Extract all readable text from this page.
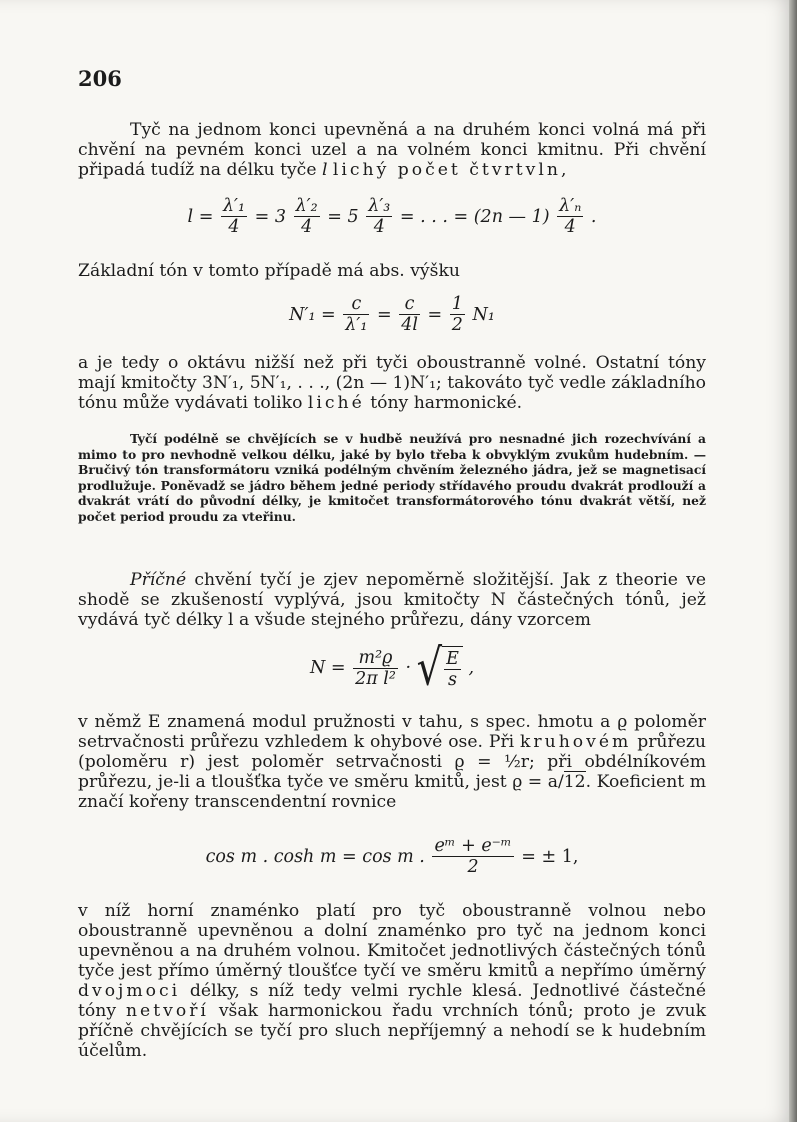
206
Tyč na jednom konci upevněná a na druhém konci volná má při chvění na pevném konci uzel a na volném konci kmitnu. Při chvění připadá tudíž na délku tyče l lichý počet čtvrtvln,
$l = \frac{\text{λ′₁}}{4} = 3 \frac{\text{λ′₂}}{4} = 5 \frac{\text{λ′₃}}{4}$ = . . . = (2n — $1) \frac{\text{λ′ₙ}}{4}$ .
Základní tón v tomto případě má abs. výšku
$N'_1 = \frac{c}{\text{λ′₁}} = \frac{c}{4l} = \frac{1}{2} N_1$
a je tedy o oktávu nižší než při tyči oboustranně volné. Ostatní tóny mají kmitočty 3N′₁, 5N′₁, . . ., (2n — 1)N′₁; takováto tyč vedle základního tónu může vydávati toliko liché tóny harmonické.
Tyčí podélně se chvějících se v hudbě neužívá pro nesnadné jich rozechvívání a mimo to pro nevhodně velkou délku, jaké by bylo třeba k obvyklým zvukům hudebním. — Bručivý tón transformátoru vzniká podélným chvěním železného jádra, jež se magnetisací prodlužuje. Poněvadž se jádro během jedné periody střídavého proudu dvakrát prodlouží a dvakrát vrátí do původní délky, je kmitočet transformátorového tónu dvakrát větší, než počet period proudu za vteřinu.
Příčné chvění tyčí je zjev nepoměrně složitější. Jak z theorie ve shodě se zkušeností vyplývá, jsou kmitočty N částečných tónů, jež vydává tyč délky l a všude stejného průřezu, dány vzorcem
$N = \frac{\text{m²ϱ}}{\text{2π l²}}$ · √ $\frac{E}{s}$ ,
v němž E znamená modul pružnosti v tahu, s spec. hmotu a ϱ poloměr setrvačnosti průřezu vzhledem k ohybové ose. Při kruhovém průřezu (poloměru r) jest poloměr setrvačnosti ϱ = ½r; při obdélníkovém průřezu, je-li a tloušťka tyče ve směru kmitů, jest ϱ = a/12. Koeficient m značí kořeny transcendentní rovnice
cos m . cosh m = cos m . $\frac{\text{eᵐ + e⁻ᵐ}}{2}$ = ± 1,
v níž horní znaménko platí pro tyč oboustranně volnou nebo oboustranně upevněnou a dolní znaménko pro tyč na jednom konci upevněnou a na druhém volnou. Kmitočet jednotlivých částečných tónů tyče jest přímo úměrný tloušťce tyčí ve směru kmitů a nepřímo úměrný dvojmoci délky, s níž tedy velmi rychle klesá. Jednotlivé částečné tóny netvoří však harmonickou řadu vrchních tónů; proto je zvuk příčně chvějících se tyčí pro sluch nepříjemný a nehodí se k hudebním účelům.
